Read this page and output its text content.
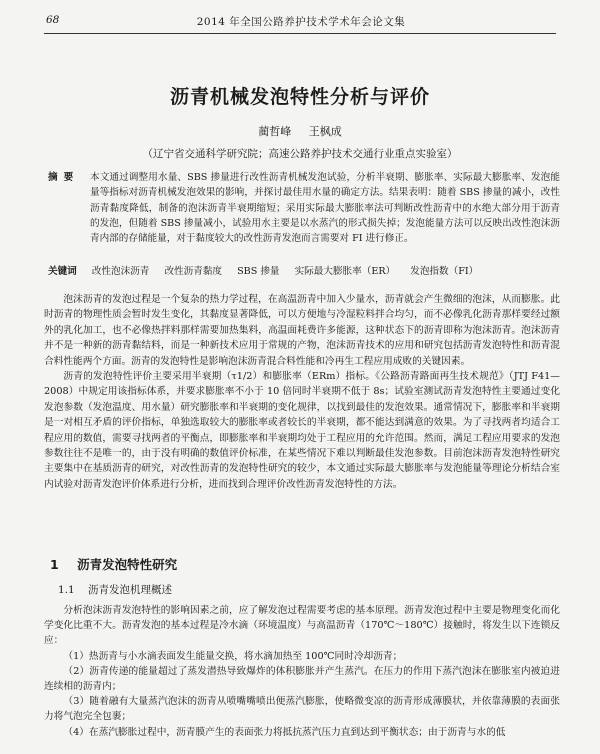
68	2014 年全国公路养护技术学术年会论文集
沥青机械发泡特性分析与评价
蔺哲峰 王枫成
（辽宁省交通科学研究院；高速公路养护技术交通行业重点实验室）
摘要 本文通过调整用水量、SBS 掺量进行改性沥青机械发泡试验，分析半衰期、膨胀率、实际最大膨胀率、发泡能量等指标对沥青机械发泡效果的影响，并探讨最佳用水量的确定方法。结果表明：随着 SBS 掺量的减小，改性沥青黏度降低，制备的泡沫沥青半衰期缩短；采用实际最大膨胀率法可判断改性沥青中的水绝大部分用于沥青的发泡，但随着 SBS 掺量减小，试验用水主要是以水蒸汽的形式损失掉；发泡能量方法可以反映出改性泡沫沥青内部的存储能量，对于黏度较大的改性沥青发泡而言需要对 FI 进行修正。
关键词 改性泡沫沥青 改性沥青黏度 SBS 掺量 实际最大膨胀率（ER） 发泡指数（FI）

泡沫沥青的发泡过程是一个复杂的热力学过程，在高温沥青中加入少量水，沥青就会产生微细的泡沫，从而膨胀。此时沥青的物理性质会暂时发生变化，其黏度显著降低，可以方便地与冷湿粒料拌合均匀，而不必像乳化沥青那样要经过额外的乳化加工，也不必像热拌料那样需要加热集料，高温面耗费许多能源，这种状态下的沥青即称为泡沫沥青。泡沫沥青并不是一种新的沥青黏结料，而是一种新技术应用于常规的产物，泡沫沥青技术的应用和研究包括沥青发泡特性和沥青混合料性能两个方面。沥青的发泡特性是影响泡沫沥青混合料性能和冷再生工程应用成败的关键因素。

沥青的发泡特性评价主要采用半衰期（τ1/2）和膨胀率（ERm）指标。《公路沥青路面再生技术规范》（JTJ F41—2008）中规定用该指标体系，并要求膨胀率不小于 10 倍同时半衰期不低于 8s；试验室测试沥青发泡特性主要通过变化发泡参数（发泡温度、用水量）研究膨胀率和半衰期的变化规律，以找到最佳的发泡效果。通常情况下，膨胀率和半衰期是一对相互矛盾的评价指标，单独选取较大的膨胀率或者较长的半衰期，都不能达到满意的效果。为了寻找两者均适合工程应用的数值，需要寻找两者的平衡点，即膨胀率和半衰期均处于工程应用的允许范围。然而，满足工程应用要求的发泡参数往往不是唯一的，由于没有明确的数值评价标准，在某些情况下难以判断最佳发泡参数。目前泡沫沥青发泡特性研究主要集中在基质沥青的研究，对改性沥青的发泡特性研究的较少，本文通过实际最大膨胀率与发泡能量等理论分析结合室内试验对沥青发泡评价体系进行分析，进而找到合理评价改性沥青发泡特性的方法。

1 沥青发泡特性研究
1.1 沥青发泡机理概述

分析泡沫沥青发泡特性的影响因素之前，应了解发泡过程需要考虑的基本原理。沥青发泡过程中主要是物理变化而化学变化比重不大。沥青发泡的基本过程是冷水滴（环境温度）与高温沥青（170℃～180℃）接触时，将发生以下连锁反应：

（1）热沥青与小水滴表面发生能量交换，将水滴加热至 100℃同时冷却沥青；

（2）沥青传递的能量超过了蒸发潜热导致爆炸的体积膨胀并产生蒸汽。在压力的作用下蒸汽泡沫在膨胀室内被迫进连续相的沥青内；

（3）随着融有大量蒸汽泡沫的沥青从喷嘴嘴喷出便蒸汽膨胀，使略微变凉的沥青形成薄膜状，并依靠薄膜的表面张力将气泡完全包裹；

（4）在蒸汽膨胀过程中，沥青膜产生的表面张力将抵抗蒸汽压力直到达到平衡状态；由于沥青与水的低
